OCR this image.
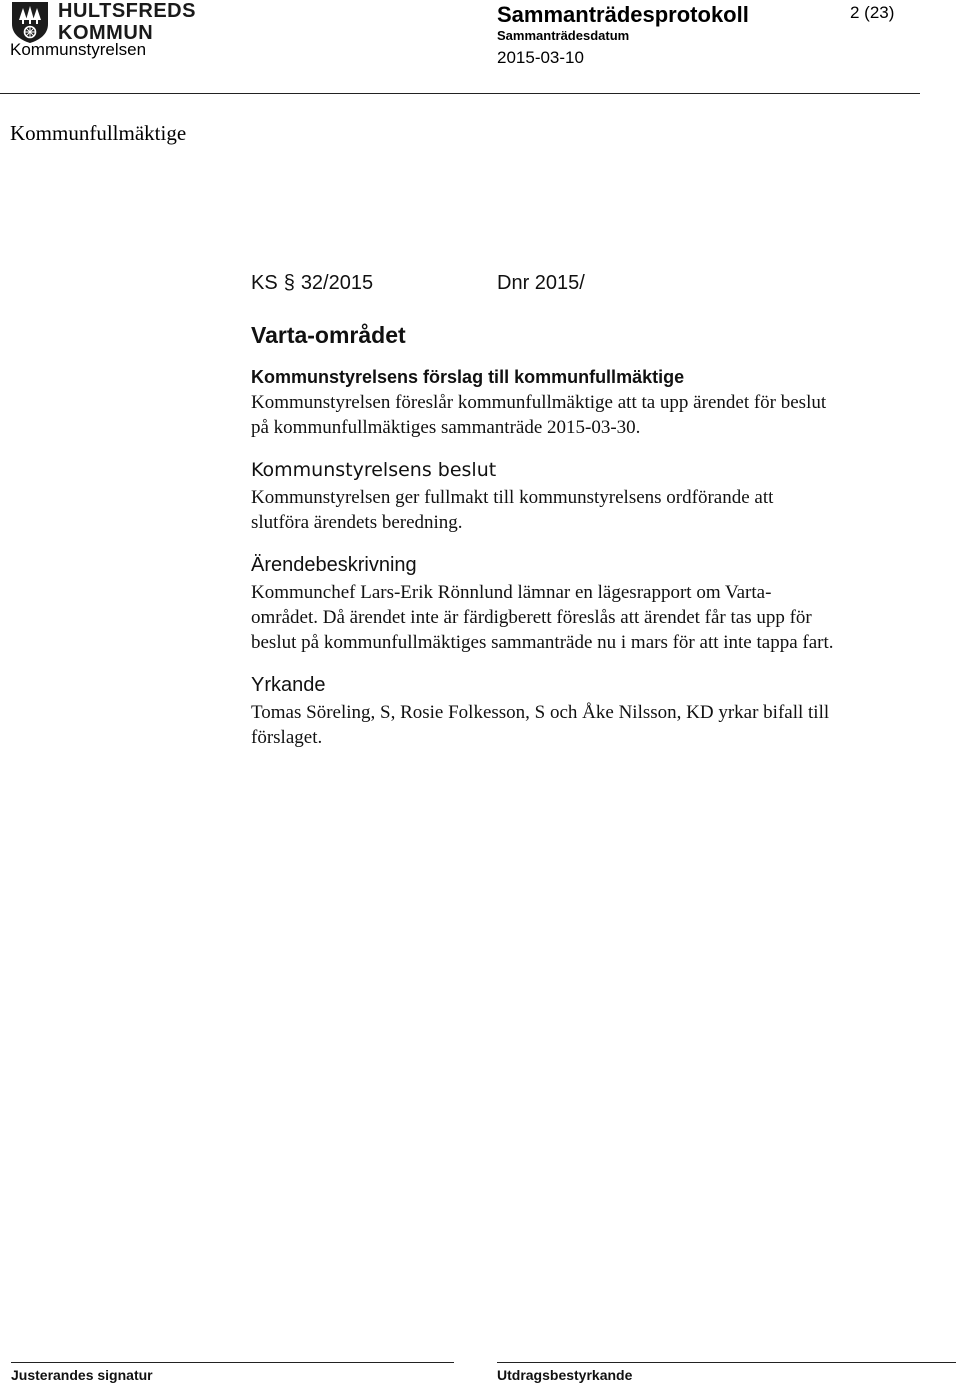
HULTSFREDS
KOMMUN
Kommunstyrelsen
Sammanträdesprotokoll
Sammanträdesdatum
2015-03-10
2 (23)
Kommunfullmäktige
KS § 32/2015	Dnr 2015/
Varta-området
Kommunstyrelsens förslag till kommunfullmäktige

Kommunstyrelsen föreslår kommunfullmäktige att ta upp ärendet för beslut
på kommunfullmäktiges sammanträde 2015-03-30.

Kommunstyrelsens beslut

Kommunstyrelsen ger fullmakt till kommunstyrelsens ordförande att
slutföra ärendets beredning.

Ärendebeskrivning

Kommunchef Lars-Erik Rönnlund lämnar en lägesrapport om Varta-
området. Då ärendet inte är färdigberett föreslås att ärendet får tas upp för
beslut på kommunfullmäktiges sammanträde nu i mars för att inte tappa fart.

Yrkande

Tomas Söreling, S, Rosie Folkesson, S och Åke Nilsson, KD yrkar bifall till
förslaget.

Justerandes signatur	Utdragsbestyrkande
